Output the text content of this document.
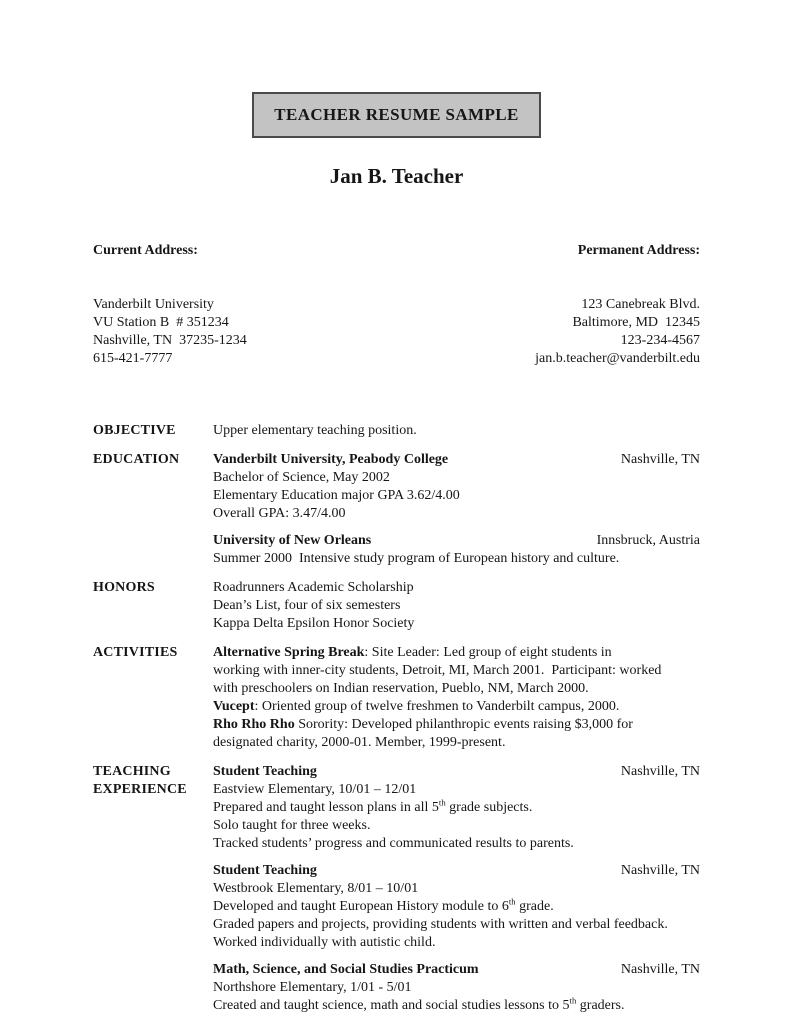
TEACHER RESUME SAMPLE
Jan B. Teacher

Current Address:

Vanderbilt University
VU Station B  # 351234
Nashville, TN  37235-1234
615-421-7777

Permanent Address:

123 Canebreak Blvd.
Baltimore, MD  12345
123-234-4567
jan.b.teacher@vanderbilt.edu

OBJECTIVE	Upper elementary teaching position.
EDUCATION	Vanderbilt University, Peabody College	Nashville, TN
Bachelor of Science, May 2002
Elementary Education major GPA 3.62/4.00
Overall GPA: 3.47/4.00
University of New Orleans	Innsbruck, Austria
Summer 2000  Intensive study program of European history and culture.
HONORS	Roadrunners Academic Scholarship
Dean’s List, four of six semesters
Kappa Delta Epsilon Honor Society
ACTIVITIES	Alternative Spring Break: Site Leader: Led group of eight students in
working with inner-city students, Detroit, MI, March 2001.  Participant: worked
with preschoolers on Indian reservation, Pueblo, NM, March 2000.
Vucept: Oriented group of twelve freshmen to Vanderbilt campus, 2000.
Rho Rho Rho Sorority: Developed philanthropic events raising $3,000 for
designated charity, 2000-01. Member, 1999-present.
TEACHING EXPERIENCE
Student Teaching	Nashville, TN
Eastview Elementary, 10/01 – 12/01
Prepared and taught lesson plans in all 5th grade subjects.
Solo taught for three weeks.
Tracked students’ progress and communicated results to parents.
Student Teaching	Nashville, TN
Westbrook Elementary, 8/01 – 10/01
Developed and taught European History module to 6th grade.
Graded papers and projects, providing students with written and verbal feedback.
Worked individually with autistic child.
Math, Science, and Social Studies Practicum	Nashville, TN
Northshore Elementary, 1/01 - 5/01
Created and taught science, math and social studies lessons to 5th graders.
